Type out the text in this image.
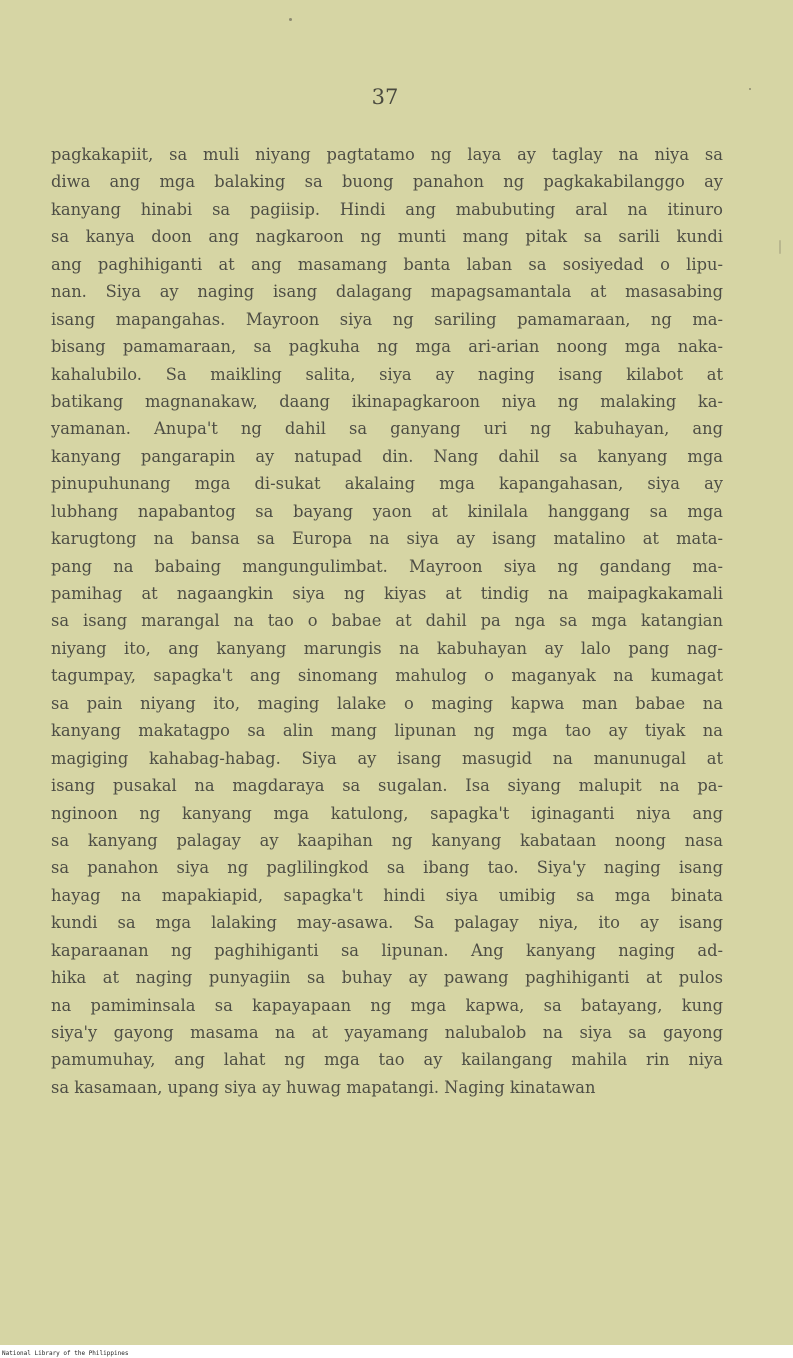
37

pagkakapiit, sa muli niyang pagtatamo ng laya ay taglay na niya sa
diwa ang mga balaking sa buong panahon ng pagkakabilanggo ay
kanyang hinabi sa pagiisip. Hindi ang mabubuting aral na itinuro
sa kanya doon ang nagkaroon ng munti mang pitak sa sarili kundi
ang paghihiganti at ang masamang banta laban sa sosiyedad o lipu-
nan. Siya ay naging isang dalagang mapagsamantala at masasabing
isang mapangahas. Mayroon siya ng sariling pamamaraan, ng ma-
bisang pamamaraan, sa pagkuha ng mga ari-arian noong mga naka-
kahalubilo. Sa maikling salita, siya ay naging isang kilabot at
batikang magnanakaw, daang ikinapagkaroon niya ng malaking ka-
yamanan. Anupa't ng dahil sa ganyang uri ng kabuhayan, ang
kanyang pangarapin ay natupad din. Nang dahil sa kanyang mga
pinupuhunang mga di-sukat akalaing mga kapangahasan, siya ay
lubhang napabantog sa bayang yaon at kinilala hanggang sa mga
karugtong na bansa sa Europa na siya ay isang matalino at mata-
pang na babaing mangungulimbat. Mayroon siya ng gandang ma-
pamihag at nagaangkin siya ng kiyas at tindig na maipagkakamali
sa isang marangal na tao o babae at dahil pa nga sa mga katangian
niyang ito, ang kanyang marungis na kabuhayan ay lalo pang nag-
tagumpay, sapagka't ang sinomang mahulog o maganyak na kumagat
sa pain niyang ito, maging lalake o maging kapwa man babae na
kanyang makatagpo sa alin mang lipunan ng mga tao ay tiyak na
magiging kahabag-habag. Siya ay isang masugid na manunugal at
isang pusakal na magdaraya sa sugalan. Isa siyang malupit na pa-
nginoon ng kanyang mga katulong, sapagka't iginaganti niya ang
sa kanyang palagay ay kaapihan ng kanyang kabataan noong nasa
sa panahon siya ng paglilingkod sa ibang tao. Siya'y naging isang
hayag na mapakiapid, sapagka't hindi siya umibig sa mga binata
kundi sa mga lalaking may-asawa. Sa palagay niya, ito ay isang
kaparaanan ng paghihiganti sa lipunan. Ang kanyang naging ad-
hika at naging punyagiin sa buhay ay pawang paghihiganti at pulos
na pamiminsala sa kapayapaan ng mga kapwa, sa batayang, kung
siya'y gayong masama na at yayamang nalubalob na siya sa gayong
pamumuhay, ang lahat ng mga tao ay kailangang mahila rin niya
sa kasamaan, upang siya ay huwag mapatangi. Naging kinatawan

National Library of the Philippines
